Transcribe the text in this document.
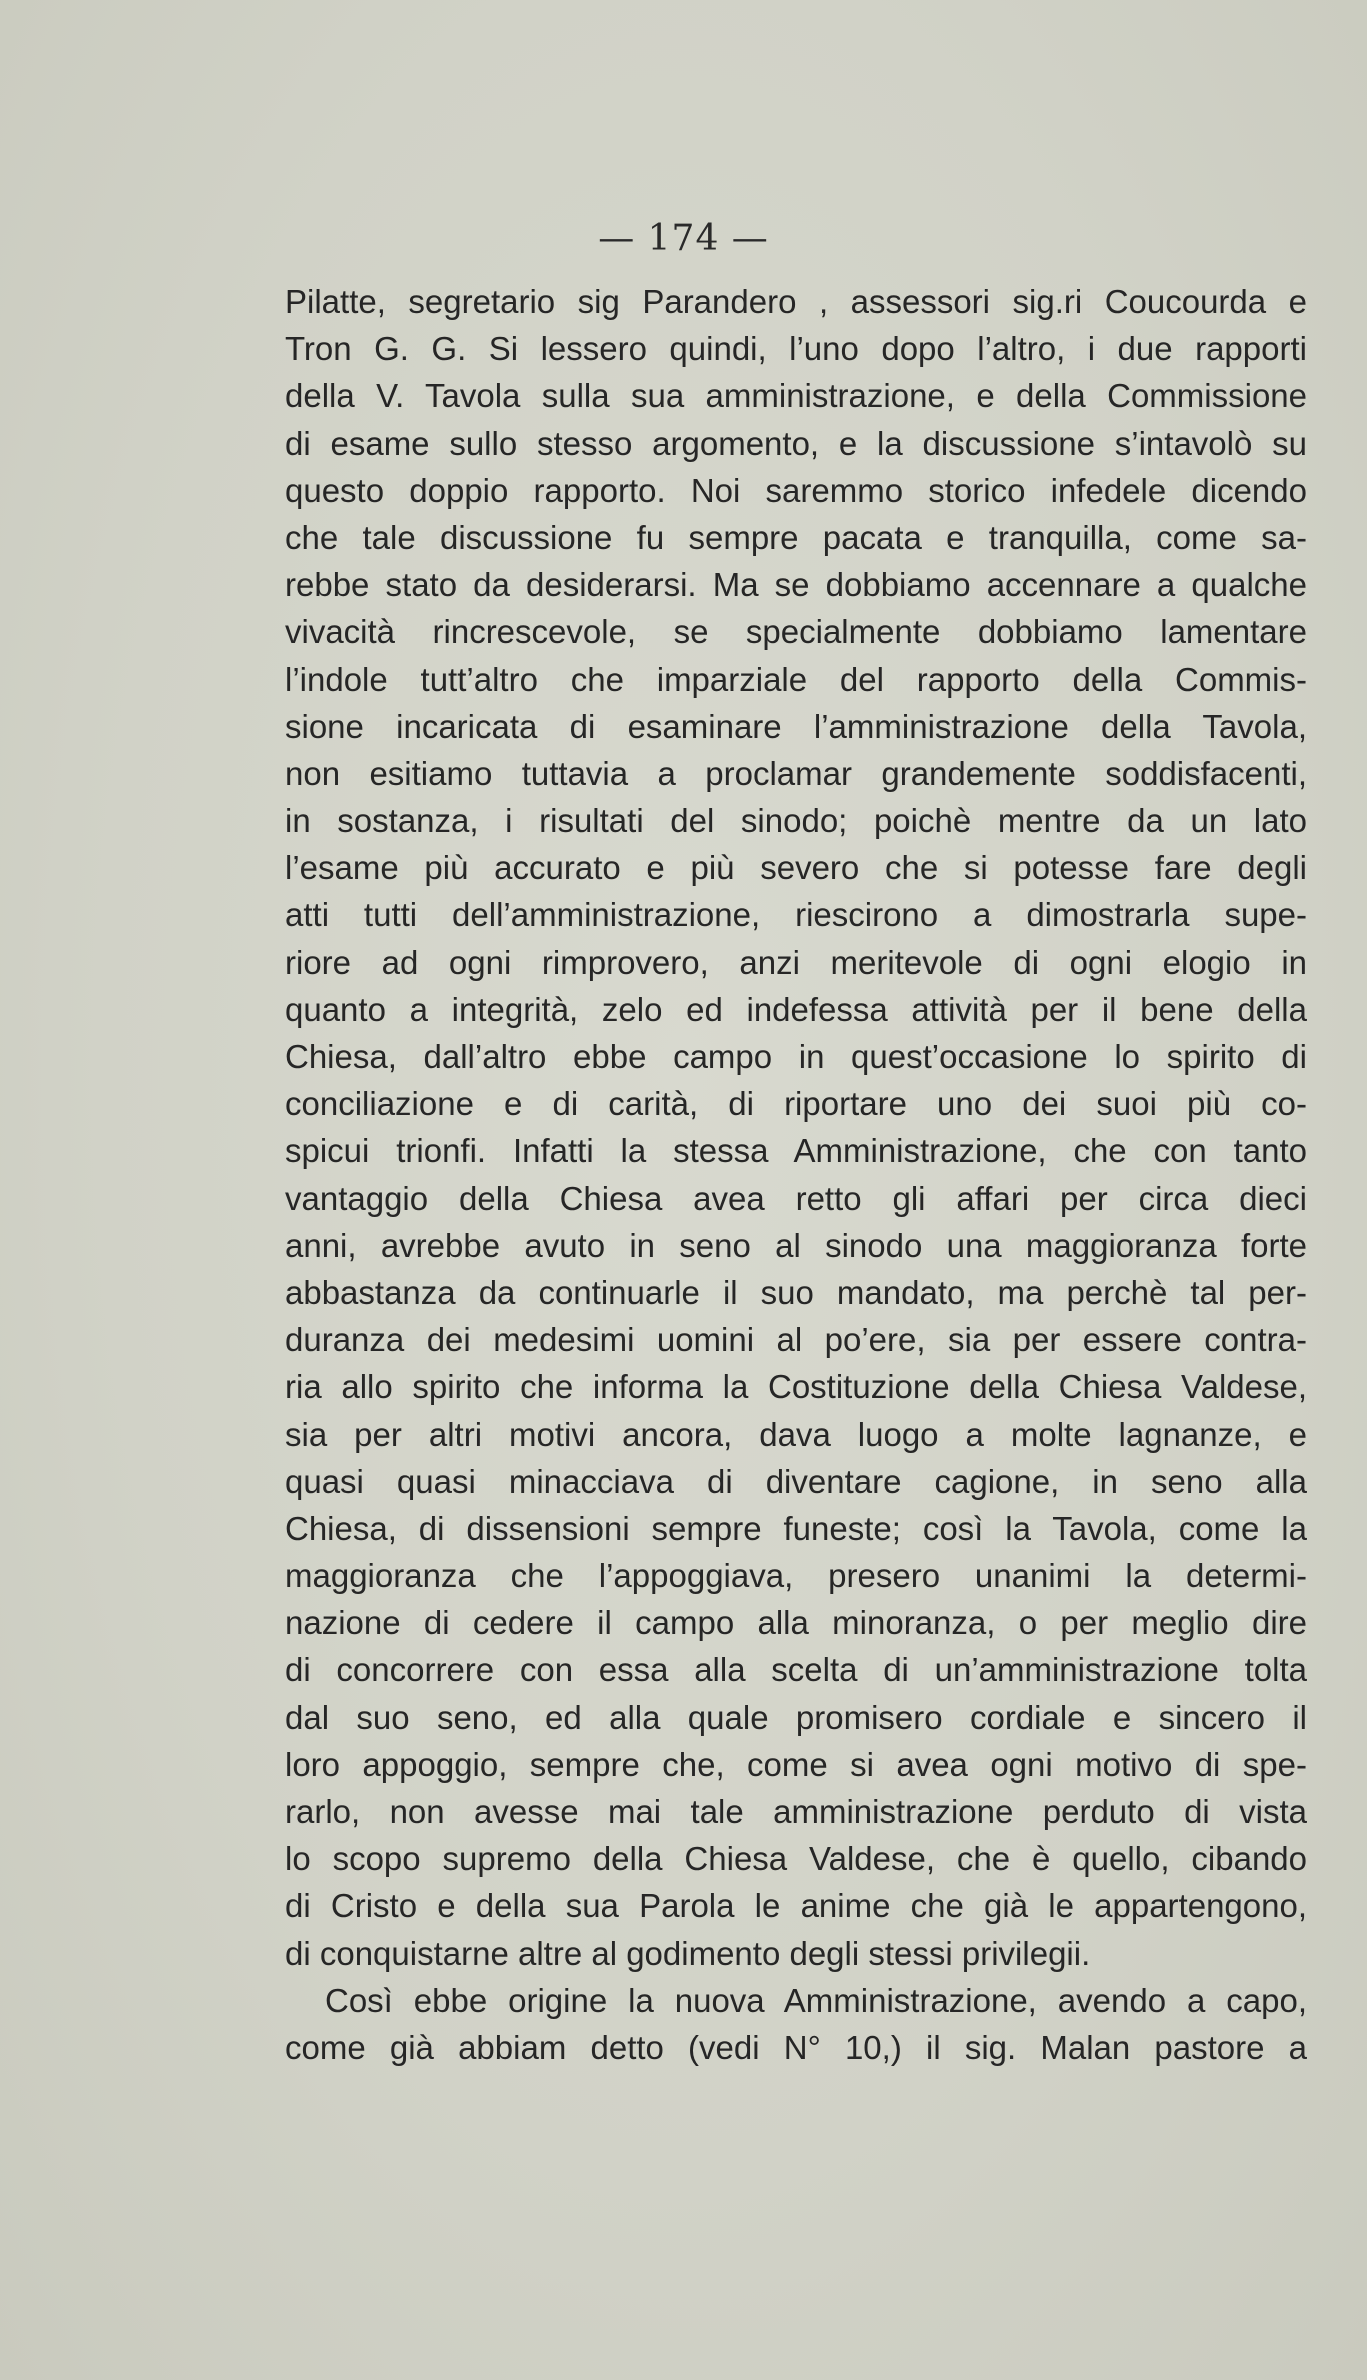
— 174 —
Pilatte, segretario sig Parandero , assessori sig.ri Coucourda e
Tron G. G. Si lessero quindi, l’uno dopo l’altro, i due rapporti
della V. Tavola sulla sua amministrazione, e della Commissione
di esame sullo stesso argomento, e la discussione s’intavolò su
questo doppio rapporto. Noi saremmo storico infedele dicendo
che tale discussione fu sempre pacata e tranquilla, come sa-
rebbe stato da desiderarsi. Ma se dobbiamo accennare a qualche
vivacità rincrescevole, se specialmente dobbiamo lamentare
l’indole tutt’altro che imparziale del rapporto della Commis-
sione incaricata di esaminare l’amministrazione della Tavola,
non esitiamo tuttavia a proclamar grandemente soddisfacenti,
in sostanza, i risultati del sinodo; poichè mentre da un lato
l’esame più accurato e più severo che si potesse fare degli
atti tutti dell’amministrazione, riescirono a dimostrarla supe-
riore ad ogni rimprovero, anzi meritevole di ogni elogio in
quanto a integrità, zelo ed indefessa attività per il bene della
Chiesa, dall’altro ebbe campo in quest’occasione lo spirito di
conciliazione e di carità, di riportare uno dei suoi più co-
spicui trionfi. Infatti la stessa Amministrazione, che con tanto
vantaggio della Chiesa avea retto gli affari per circa dieci
anni, avrebbe avuto in seno al sinodo una maggioranza forte
abbastanza da continuarle il suo mandato, ma perchè tal per-
duranza dei medesimi uomini al po’ere, sia per essere contra-
ria allo spirito che informa la Costituzione della Chiesa Valdese,
sia per altri motivi ancora, dava luogo a molte lagnanze, e
quasi quasi minacciava di diventare cagione, in seno alla
Chiesa, di dissensioni sempre funeste; così la Tavola, come la
maggioranza che l’appoggiava, presero unanimi la determi-
nazione di cedere il campo alla minoranza, o per meglio dire
di concorrere con essa alla scelta di un’amministrazione tolta
dal suo seno, ed alla quale promisero cordiale e sincero il
loro appoggio, sempre che, come si avea ogni motivo di spe-
rarlo, non avesse mai tale amministrazione perduto di vista
lo scopo supremo della Chiesa Valdese, che è quello, cibando
di Cristo e della sua Parola le anime che già le appartengono,
di conquistarne altre al godimento degli stessi privilegii.
Così ebbe origine la nuova Amministrazione, avendo a capo,
come già abbiam detto (vedi N° 10,) il sig. Malan pastore a
